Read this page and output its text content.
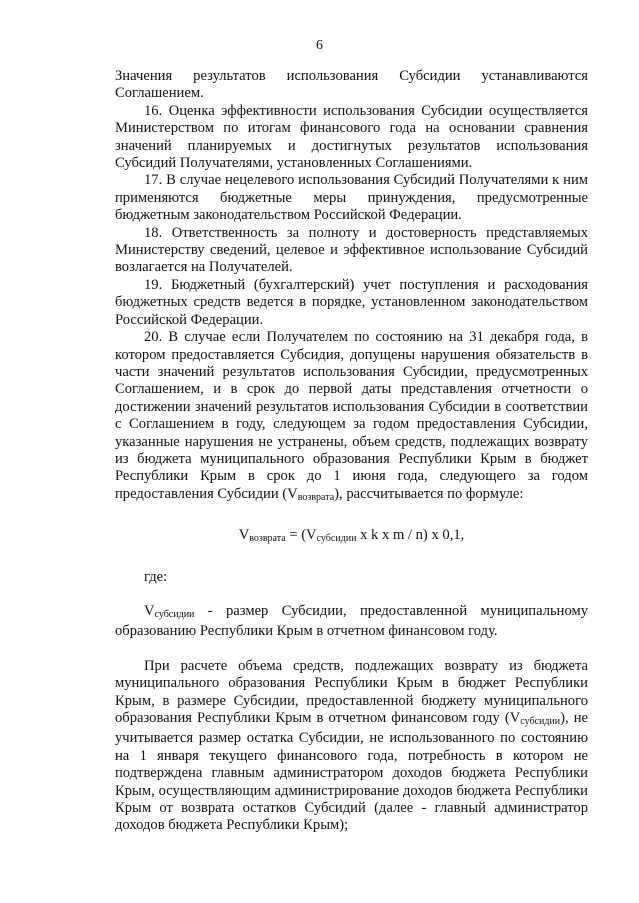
6

Значения результатов использования Субсидии устанавливаются Соглашением.

16. Оценка эффективности использования Субсидии осуществляется Министерством по итогам финансового года на основании сравнения значений планируемых и достигнутых результатов использования Субсидий Получателями, установленных Соглашениями.

17. В случае нецелевого использования Субсидий Получателями к ним применяются бюджетные меры принуждения, предусмотренные бюджетным законодательством Российской Федерации.

18. Ответственность за полноту и достоверность представляемых Министерству сведений, целевое и эффективное использование Субсидий возлагается на Получателей.

19. Бюджетный (бухгалтерский) учет поступления и расходования бюджетных средств ведется в порядке, установленном законодательством Российской Федерации.

20. В случае если Получателем по состоянию на 31 декабря года, в котором предоставляется Субсидия, допущены нарушения обязательств в части значений результатов использования Субсидии, предусмотренных Соглашением, и в срок до первой даты представления отчетности о достижении значений результатов использования Субсидии в соответствии с Соглашением в году, следующем за годом предоставления Субсидии, указанные нарушения не устранены, объем средств, подлежащих возврату из бюджета муниципального образования Республики Крым в бюджет Республики Крым в срок до 1 июня года, следующего за годом предоставления Субсидии $(V_{возврата})$, рассчитывается по формуле:

$V_{возврата} = (V_{субсидии}$ x k x m / n) x 0,1,

где:

$V_{субсидии}$ - размер Субсидии, предоставленной муниципальному образованию Республики Крым в отчетном финансовом году.

При расчете объема средств, подлежащих возврату из бюджета муниципального образования Республики Крым в бюджет Республики Крым, в размере Субсидии, предоставленной бюджету муниципального образования Республики Крым в отчетном финансовом году $(V_{субсидии})$, не учитывается размер остатка Субсидии, не использованного по состоянию на 1 января текущего финансового года, потребность в котором не подтверждена главным администратором доходов бюджета Республики Крым, осуществляющим администрирование доходов бюджета Республики Крым от возврата остатков Субсидий (далее - главный администратор доходов бюджета Республики Крым);
